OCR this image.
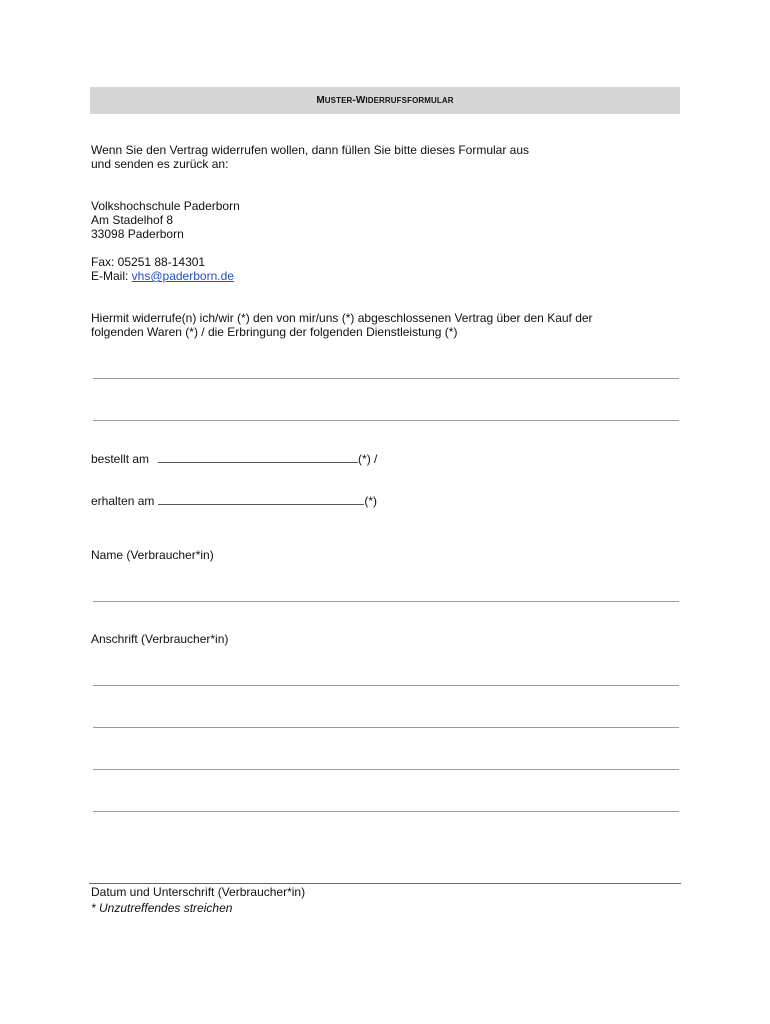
MUSTER-WIDERRUFSFORMULAR

Wenn Sie den Vertrag widerrufen wollen, dann füllen Sie bitte dieses Formular aus

und senden es zurück an:

Volkshochschule Paderborn

Am Stadelhof 8

33098 Paderborn

Fax: 05251 88-14301

E-Mail: vhs@paderborn.de

Hiermit widerrufe(n) ich/wir (*) den von mir/uns (*) abgeschlossenen Vertrag über den Kauf der

folgenden Waren (*) / die Erbringung der folgenden Dienstleistung (*)

bestellt am	(*) /

erhalten am	(*)

Name (Verbraucher*in)

Anschrift (Verbraucher*in)

Datum und Unterschrift (Verbraucher*in)

* Unzutreffendes streichen
